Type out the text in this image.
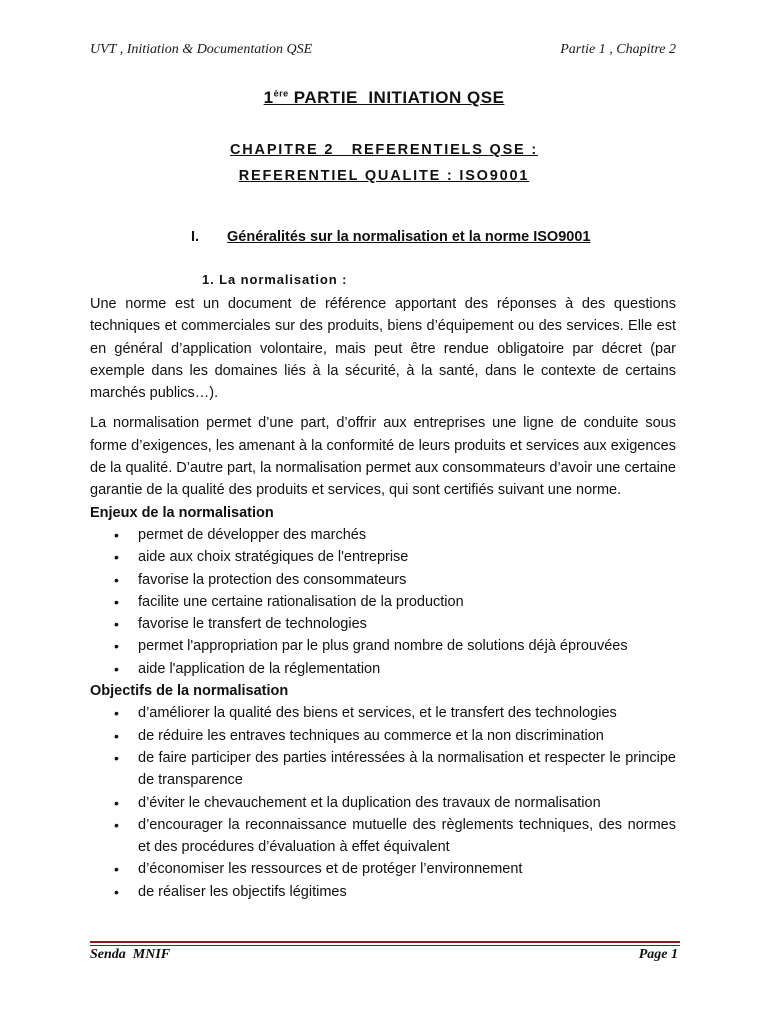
UVT , Initiation & Documentation QSE	Partie 1 , Chapitre 2
1ère PARTIE  INITIATION QSE
CHAPITRE 2   REFERENTIELS QSE :
REFERENTIEL QUALITE : ISO9001
I. Généralités sur la normalisation et la norme ISO9001
1. La normalisation :

Une norme est un document de référence apportant des réponses à des questions techniques et commerciales sur des produits, biens d’équipement ou des services. Elle est en général d’application volontaire, mais peut être rendue obligatoire par décret (par exemple dans les domaines liés à la sécurité, à la santé, dans le contexte de certains marchés publics…).

La normalisation permet d’une part, d’offrir aux entreprises une ligne de conduite sous forme d’exigences, les amenant à la conformité de leurs produits et services aux exigences de la qualité. D’autre part, la normalisation permet aux consommateurs d’avoir une certaine garantie de la qualité des produits et services, qui sont certifiés suivant une norme.

Enjeux de la normalisation

• permet de développer des marchés
• aide aux choix stratégiques de l'entreprise
• favorise la protection des consommateurs
• facilite une certaine rationalisation de la production
• favorise le transfert de technologies
• permet l'appropriation par le plus grand nombre de solutions déjà éprouvées
• aide l'application de la réglementation

Objectifs de la normalisation

• d’améliorer la qualité des biens et services, et le transfert des technologies
• de réduire les entraves techniques au commerce et la non discrimination
• de faire participer des parties intéressées à la normalisation et respecter le principe de transparence
• d’éviter le chevauchement et la duplication des travaux de normalisation
• d’encourager la reconnaissance mutuelle des règlements techniques, des normes et des procédures d’évaluation à effet équivalent
• d’économiser les ressources et de protéger l’environnement
• de réaliser les objectifs légitimes
Senda  MNIF	Page 1
